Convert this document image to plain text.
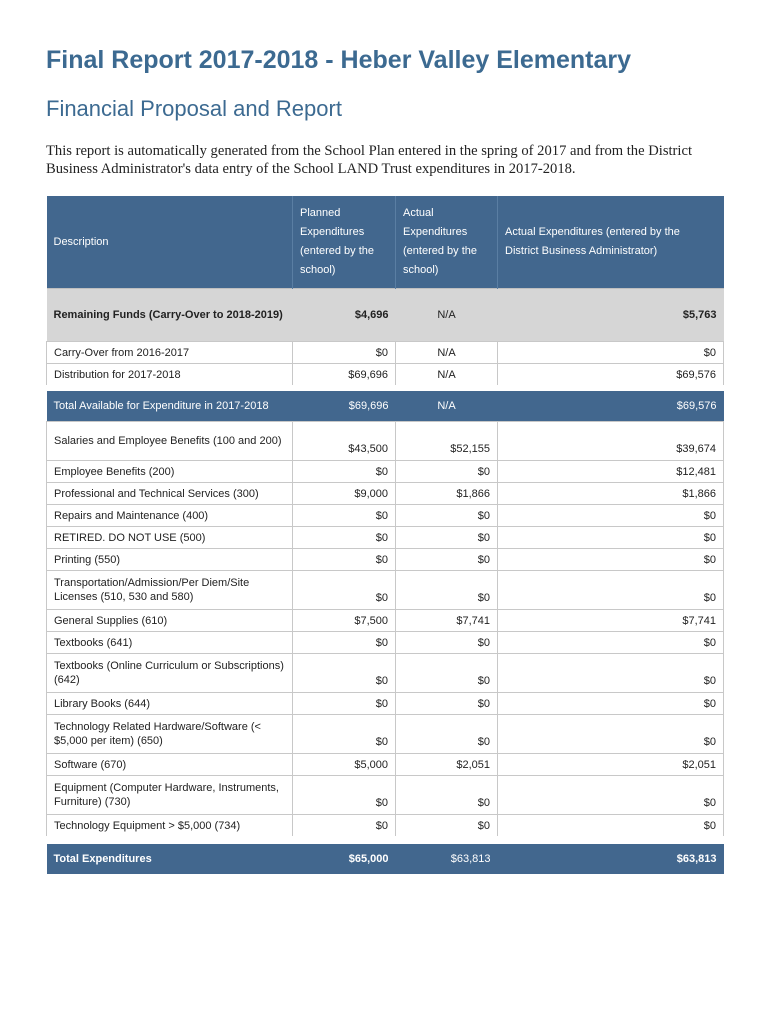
Final Report 2017-2018 - Heber Valley Elementary
Financial Proposal and Report

This report is automatically generated from the School Plan entered in the spring of 2017 and from the District Business Administrator's data entry of the School LAND Trust expenditures in 2017-2018.

Description	Planned Expenditures (entered by the school)	Actual Expenditures (entered by the school)	Actual Expenditures (entered by the District Business Administrator)
Remaining Funds (Carry-Over to 2018-2019)	$4,696	N/A	$5,763
Carry-Over from 2016-2017	$0	N/A	$0
Distribution for 2017-2018	$69,696	N/A	$69,576
Total Available for Expenditure in 2017-2018	$69,696	N/A	$69,576
Salaries and Employee Benefits (100 and 200)	$43,500	$52,155	$39,674
Employee Benefits (200)	$0	$0	$12,481
Professional and Technical Services (300)	$9,000	$1,866	$1,866
Repairs and Maintenance (400)	$0	$0	$0
RETIRED. DO NOT USE (500)	$0	$0	$0
Printing (550)	$0	$0	$0
Transportation/Admission/Per Diem/Site Licenses (510, 530 and 580)	$0	$0	$0
General Supplies (610)	$7,500	$7,741	$7,741
Textbooks (641)	$0	$0	$0
Textbooks (Online Curriculum or Subscriptions) (642)	$0	$0	$0
Library Books (644)	$0	$0	$0
Technology Related Hardware/Software (< $5,000 per item) (650)	$0	$0	$0
Software (670)	$5,000	$2,051	$2,051
Equipment (Computer Hardware, Instruments, Furniture) (730)	$0	$0	$0
Technology Equipment > $5,000 (734)	$0	$0	$0
Total Expenditures	$65,000	$63,813	$63,813
